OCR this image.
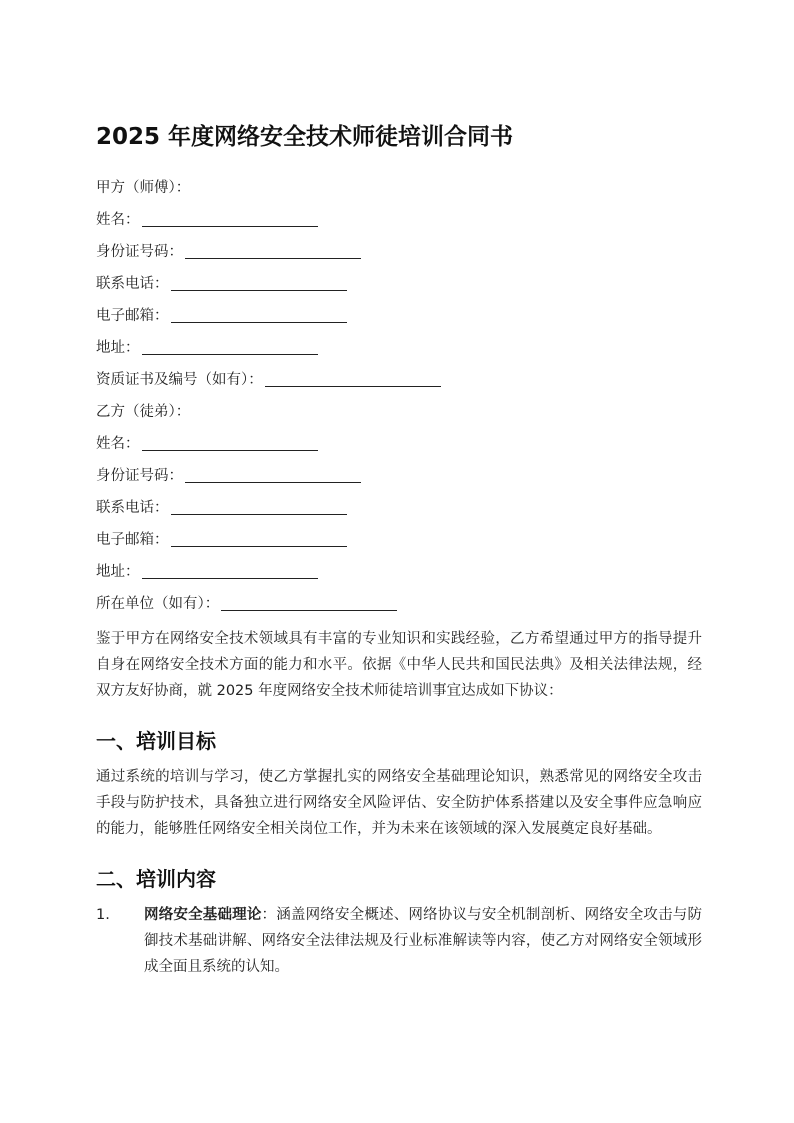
2025 年度网络安全技术师徒培训合同书
甲方（师傅）：
姓名：
身份证号码：
联系电话：
电子邮箱：
地址：
资质证书及编号（如有）：
乙方（徒弟）：
姓名：
身份证号码：
联系电话：
电子邮箱：
地址：
所在单位（如有）：

鉴于甲方在网络安全技术领域具有丰富的专业知识和实践经验，乙方希望通过甲方的指导提升自身在网络安全技术方面的能力和水平。依据《中华人民共和国民法典》及相关法律法规，经双方友好协商，就 2025 年度网络安全技术师徒培训事宜达成如下协议：

一、培训目标

通过系统的培训与学习，使乙方掌握扎实的网络安全基础理论知识，熟悉常见的网络安全攻击手段与防护技术，具备独立进行网络安全风险评估、安全防护体系搭建以及安全事件应急响应的能力，能够胜任网络安全相关岗位工作，并为未来在该领域的深入发展奠定良好基础。

二、培训内容
1.	网络安全基础理论：涵盖网络安全概述、网络协议与安全机制剖析、网络安全攻击与防御技术基础讲解、网络安全法律法规及行业标准解读等内容，使乙方对网络安全领域形成全面且系统的认知。
